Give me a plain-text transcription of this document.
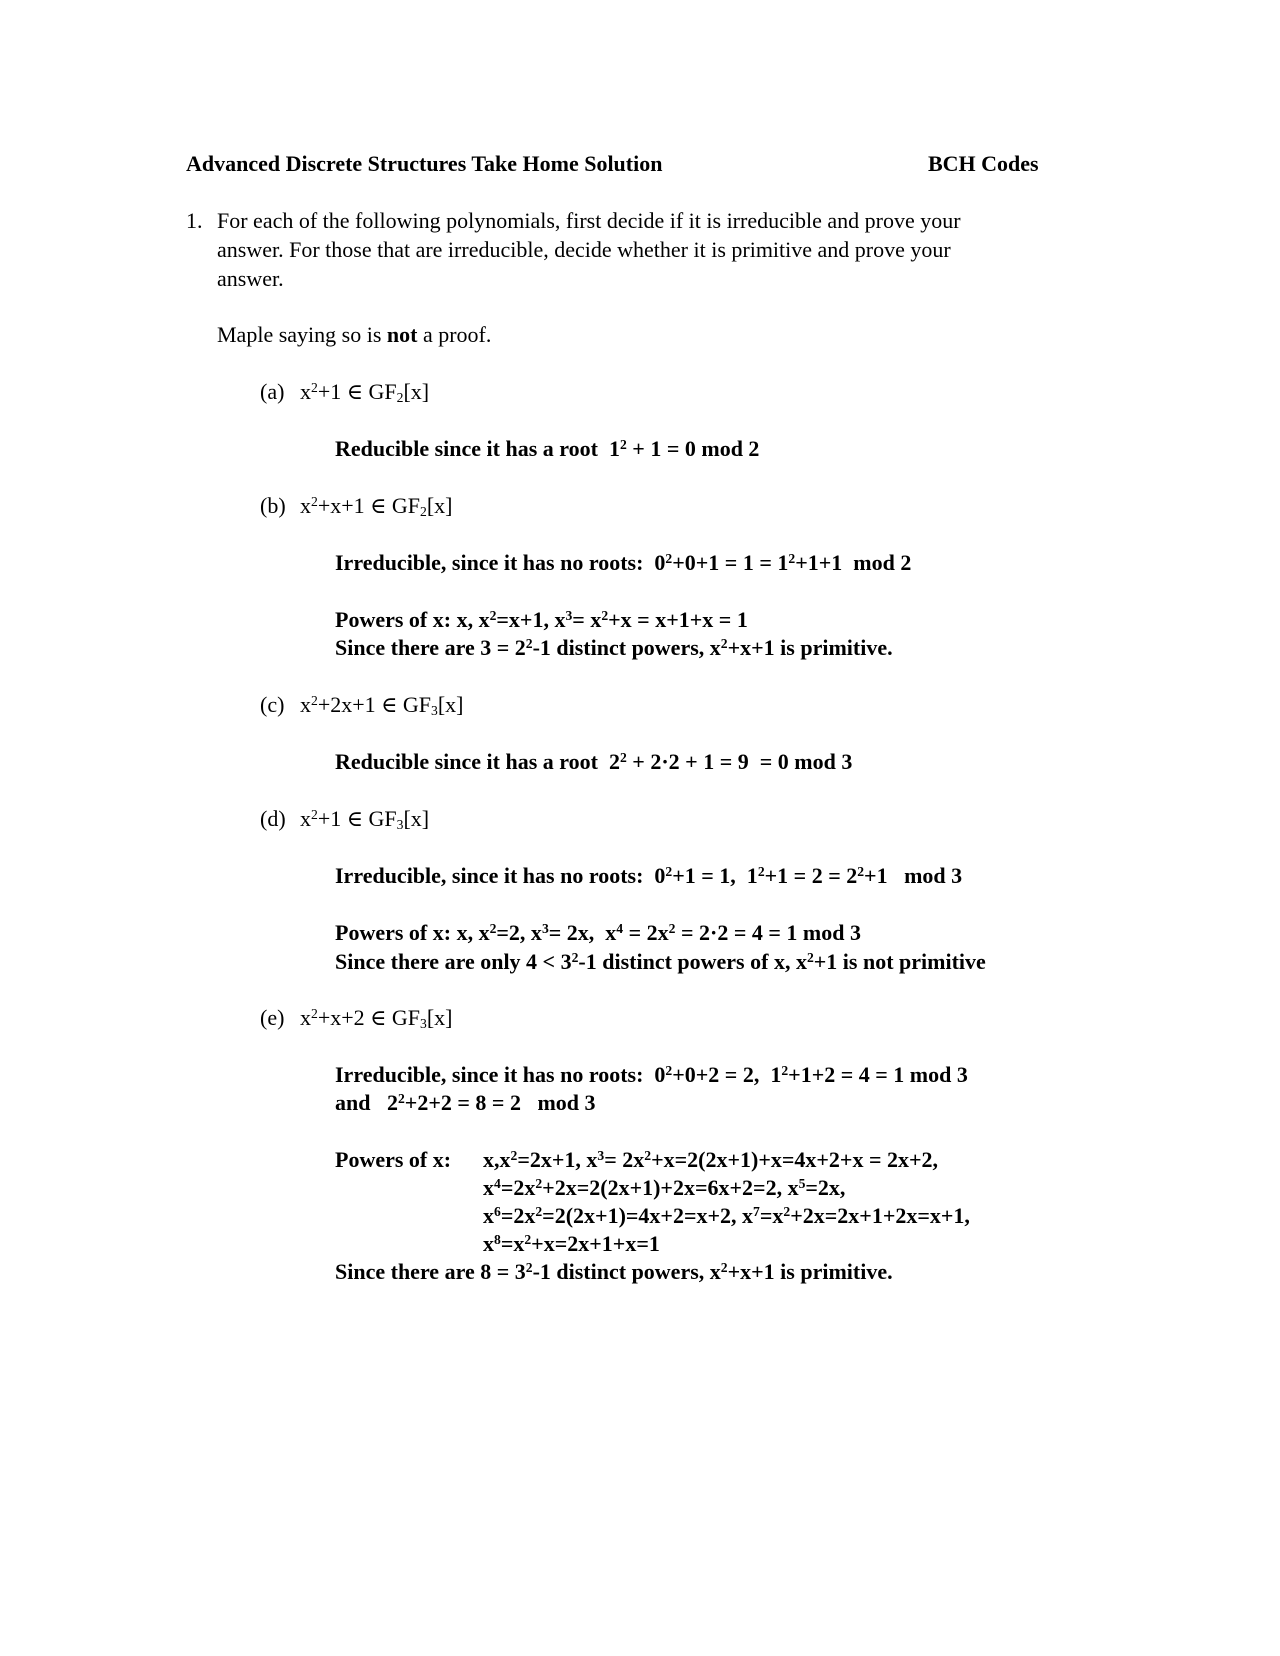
Advanced Discrete Structures Take Home Solution	BCH Codes
1. For each of the following polynomials, first decide if it is irreducible and prove your
answer. For those that are irreducible, decide whether it is primitive and prove your
answer.
Maple saying so is not a proof.
(a) $x^2+1$ ∈ $GF_2[x]$
Reducible since it has a root  $1^2 + 1 = 0$ mod 2
(b) $x^2+x+1$ ∈ $GF_2[x]$
Irreducible, since it has no roots:  $0^2+0+1 = 1 = 1^2+1+1$  mod 2
Powers of x: x, $x^2=x+1$, $x^3= x^2+x = x+1+x = 1$
Since there are $3 = 2^2-1$ distinct powers, $x^2+x+1$ is primitive.
(c) $x^2+2x+1$ ∈ $GF_3[x]$
Reducible since it has a root  $2^2 + 2\cdot 2 + 1 = 9 = 0$ mod 3
(d) $x^2+1$ ∈ $GF_3[x]$
Irreducible, since it has no roots:  $0^2+1 = 1$,  $1^2+1 = 2 = 2^2+1$   mod 3
Powers of x: x, $x^2=2$, $x^3= 2x$,  $x^4 = 2x^2 = 2\cdot 2 = 4 = 1$ mod 3
Since there are only $4 < 3^2-1$ distinct powers of x, $x^2+1$ is not primitive
(e) $x^2+x+2$ ∈ $GF_3[x]$
Irreducible, since it has no roots:  $0^2+0+2 = 2$,  $1^2+1+2 = 4 = 1$ mod 3
and   $2^2+2+2 = 8 = 2$   mod 3
Powers of x: $x,x^2=2x+1$, $x^3= 2x^2+x=2(2x+1)+x=4x+2+x = 2x+2$,
$x^4=2x^2+2x=2(2x+1)+2x=6x+2=2$, $x^5=2x$,
$x^6=2x^2=2(2x+1)=4x+2=x+2$, $x^7=x^2+2x=2x+1+2x=x+1$,
$x^8=x^2+x=2x+1+x=1$
Since there are $8 = 3^2-1$ distinct powers, $x^2+x+1$ is primitive.
